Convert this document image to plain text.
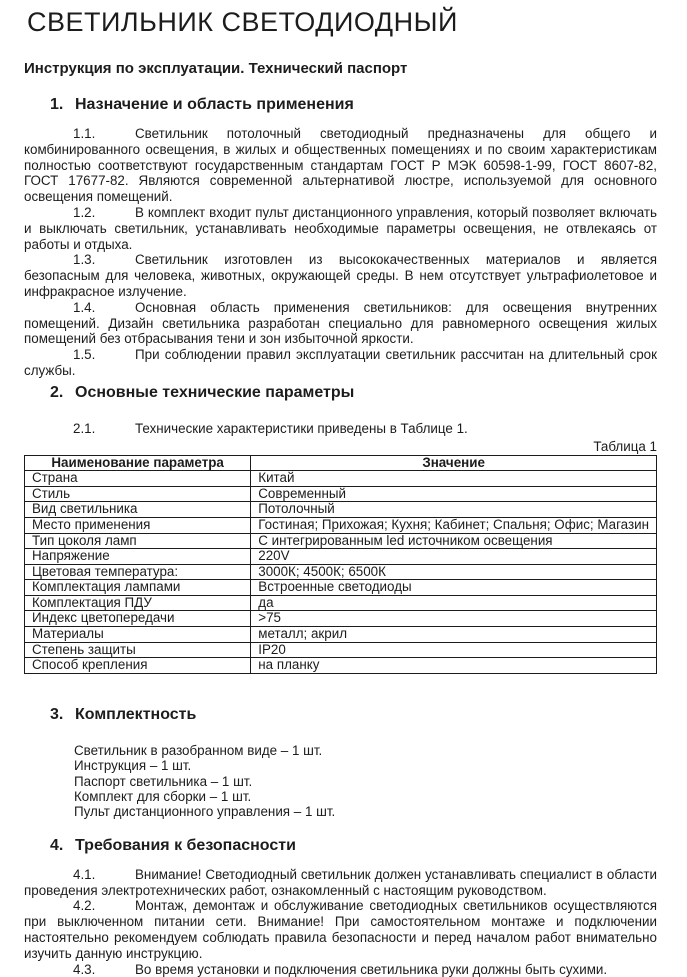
СВЕТИЛЬНИК СВЕТОДИОДНЫЙ
Инструкция по эксплуатации. Технический паспорт
1. Назначение и область применения

1.1.	Светильник потолочный светодиодный предназначены для общего и комбинированного освещения, в жилых и общественных помещениях и по своим характеристикам полностью соответствуют государственным стандартам ГОСТ Р МЭК 60598-1-99, ГОСТ 8607-82, ГОСТ 17677-82. Являются современной альтернативой люстре, используемой для основного освещения помещений.

1.2.	В комплект входит пульт дистанционного управления, который позволяет включать и выключать светильник, устанавливать необходимые параметры освещения, не отвлекаясь от работы и отдыха.

1.3.	Светильник изготовлен из высококачественных материалов и является безопасным для человека, животных, окружающей среды. В нем отсутствует ультрафиолетовое и инфракрасное излучение.

1.4.	Основная область применения светильников: для освещения внутренних помещений. Дизайн светильника разработан специально для равномерного освещения жилых помещений без отбрасывания тени и зон избыточной яркости.

1.5.	При соблюдении правил эксплуатации светильник рассчитан на длительный срок службы.

2. Основные технические параметры

2.1.	Технические характеристики приведены в Таблице 1.

Таблица 1
Наименование параметра	Значение
Страна	Китай
Стиль	Современный
Вид светильника	Потолочный
Место применения	Гостиная; Прихожая; Кухня; Кабинет; Спальня; Офис; Магазин
Тип цоколя ламп	С интегрированным led источником освещения
Напряжение	220V
Цветовая температура:	3000К; 4500К; 6500К
Комплектация лампами	Встроенные светодиоды
Комплектация ПДУ	да
Индекс цветопередачи	>75
Материалы	металл; акрил
Степень защиты	IP20
Способ крепления	на планку
3. Комплектность
Светильник в разобранном виде – 1 шт.
Инструкция – 1 шт.
Паспорт светильника – 1 шт.
Комплект для сборки – 1 шт.
Пульт дистанционного управления – 1 шт.
4. Требования к безопасности

4.1.	Внимание! Светодиодный светильник должен устанавливать специалист в области проведения электротехнических работ, ознакомленный с настоящим руководством.

4.2.	Монтаж, демонтаж и обслуживание светодиодных светильников осуществляются при выключенном питании сети. Внимание! При самостоятельном монтаже и подключении настоятельно рекомендуем соблюдать правила безопасности и перед началом работ внимательно изучить данную инструкцию.

4.3.	Во время установки и подключения светильника руки должны быть сухими.
